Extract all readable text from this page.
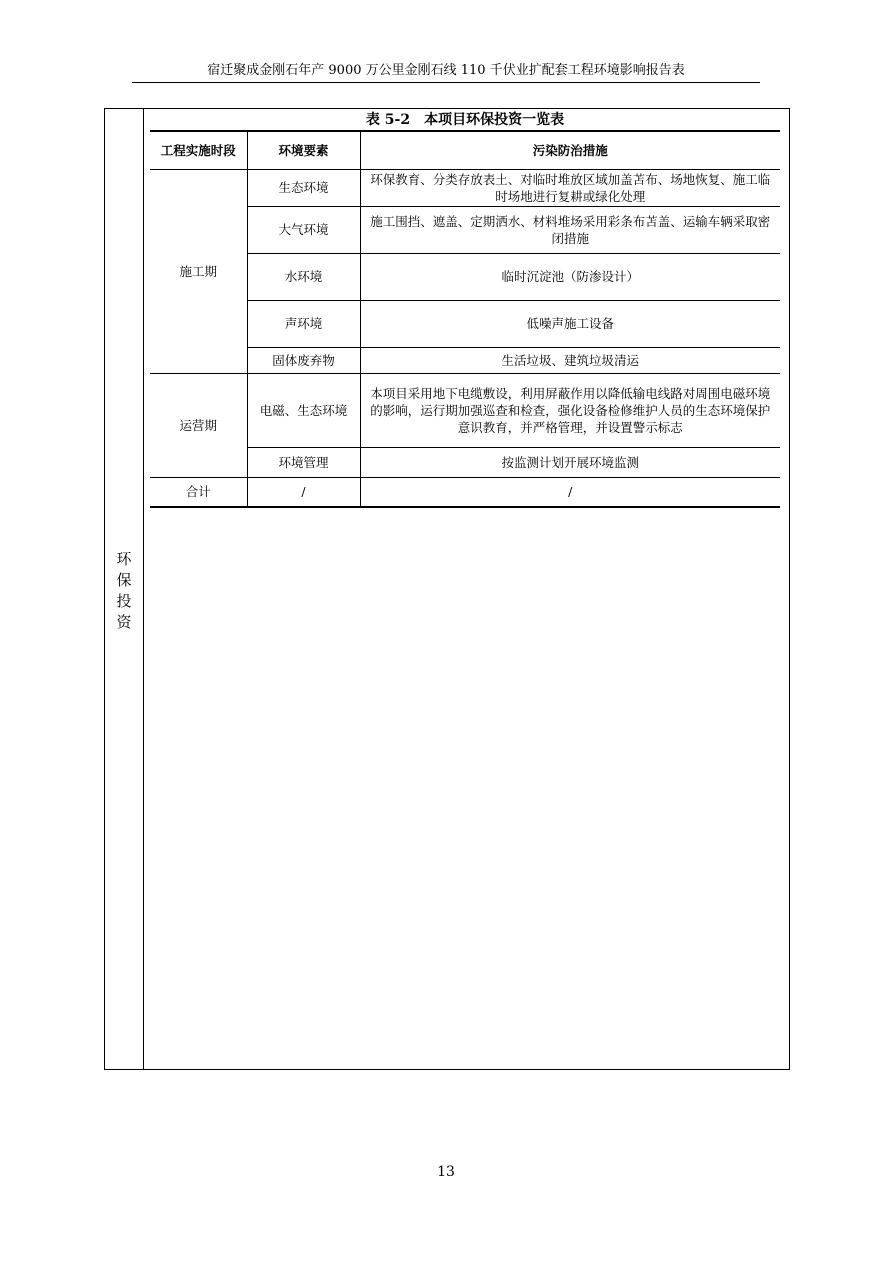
宿迁聚成金刚石年产 9000 万公里金刚石线 110 千伏业扩配套工程环境影响报告表
环
保
投
资
表 5-2　本项目环保投资一览表
工程实施时段	环境要素	污染防治措施
施工期	生态环境	环保教育、分类存放表土、对临时堆放区域加盖苫布、场地恢复、施工临时场地进行复耕或绿化处理
	大气环境	施工围挡、遮盖、定期洒水、材料堆场采用彩条布苫盖、运输车辆采取密闭措施
	水环境	临时沉淀池（防渗设计）
	声环境	低噪声施工设备
	固体废弃物	生活垃圾、建筑垃圾清运
运营期	电磁、生态环境	本项目采用地下电缆敷设，利用屏蔽作用以降低输电线路对周围电磁环境的影响，运行期加强巡查和检查，强化设备检修维护人员的生态环境保护意识教育，并严格管理，并设置警示标志
	环境管理	按监测计划开展环境监测
合计	/	/
13
